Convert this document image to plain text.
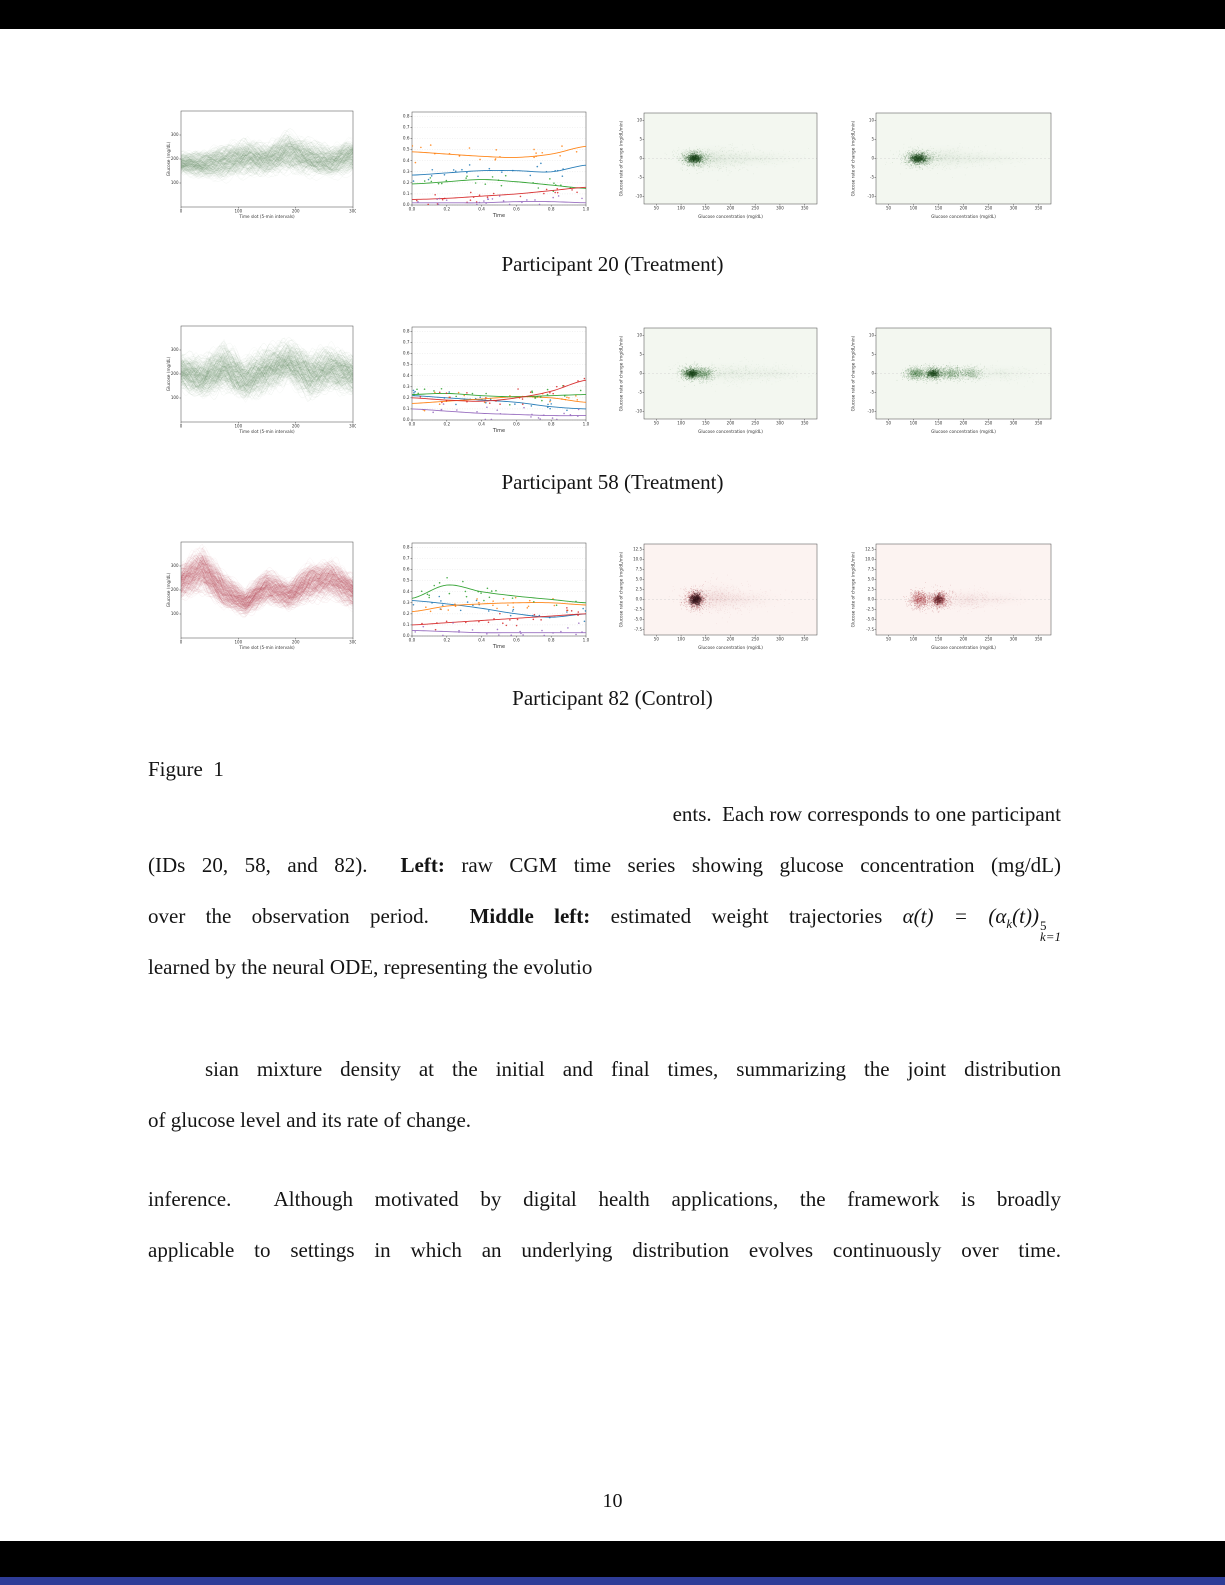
Participant 20 (Treatment)
Participant 58 (Treatment)
Participant 82 (Control)
Figure  1
ents.  Each row corresponds to one participant
(IDs 20, 58, and 82).  Left: raw CGM time series showing glucose concentration (mg/dL)
over the observation period.  Middle left: estimated weight trajectories $\alpha(t) = (\alpha_k(t))$ 5
k=1
learned by the neural ODE, representing the evolutio
sian mixture density at the initial and final times, summarizing the joint distribution
of glucose level and its rate of change.
inference.  Although motivated by digital health applications, the framework is broadly
applicable to settings in which an underlying distribution evolves continuously over time.
10
